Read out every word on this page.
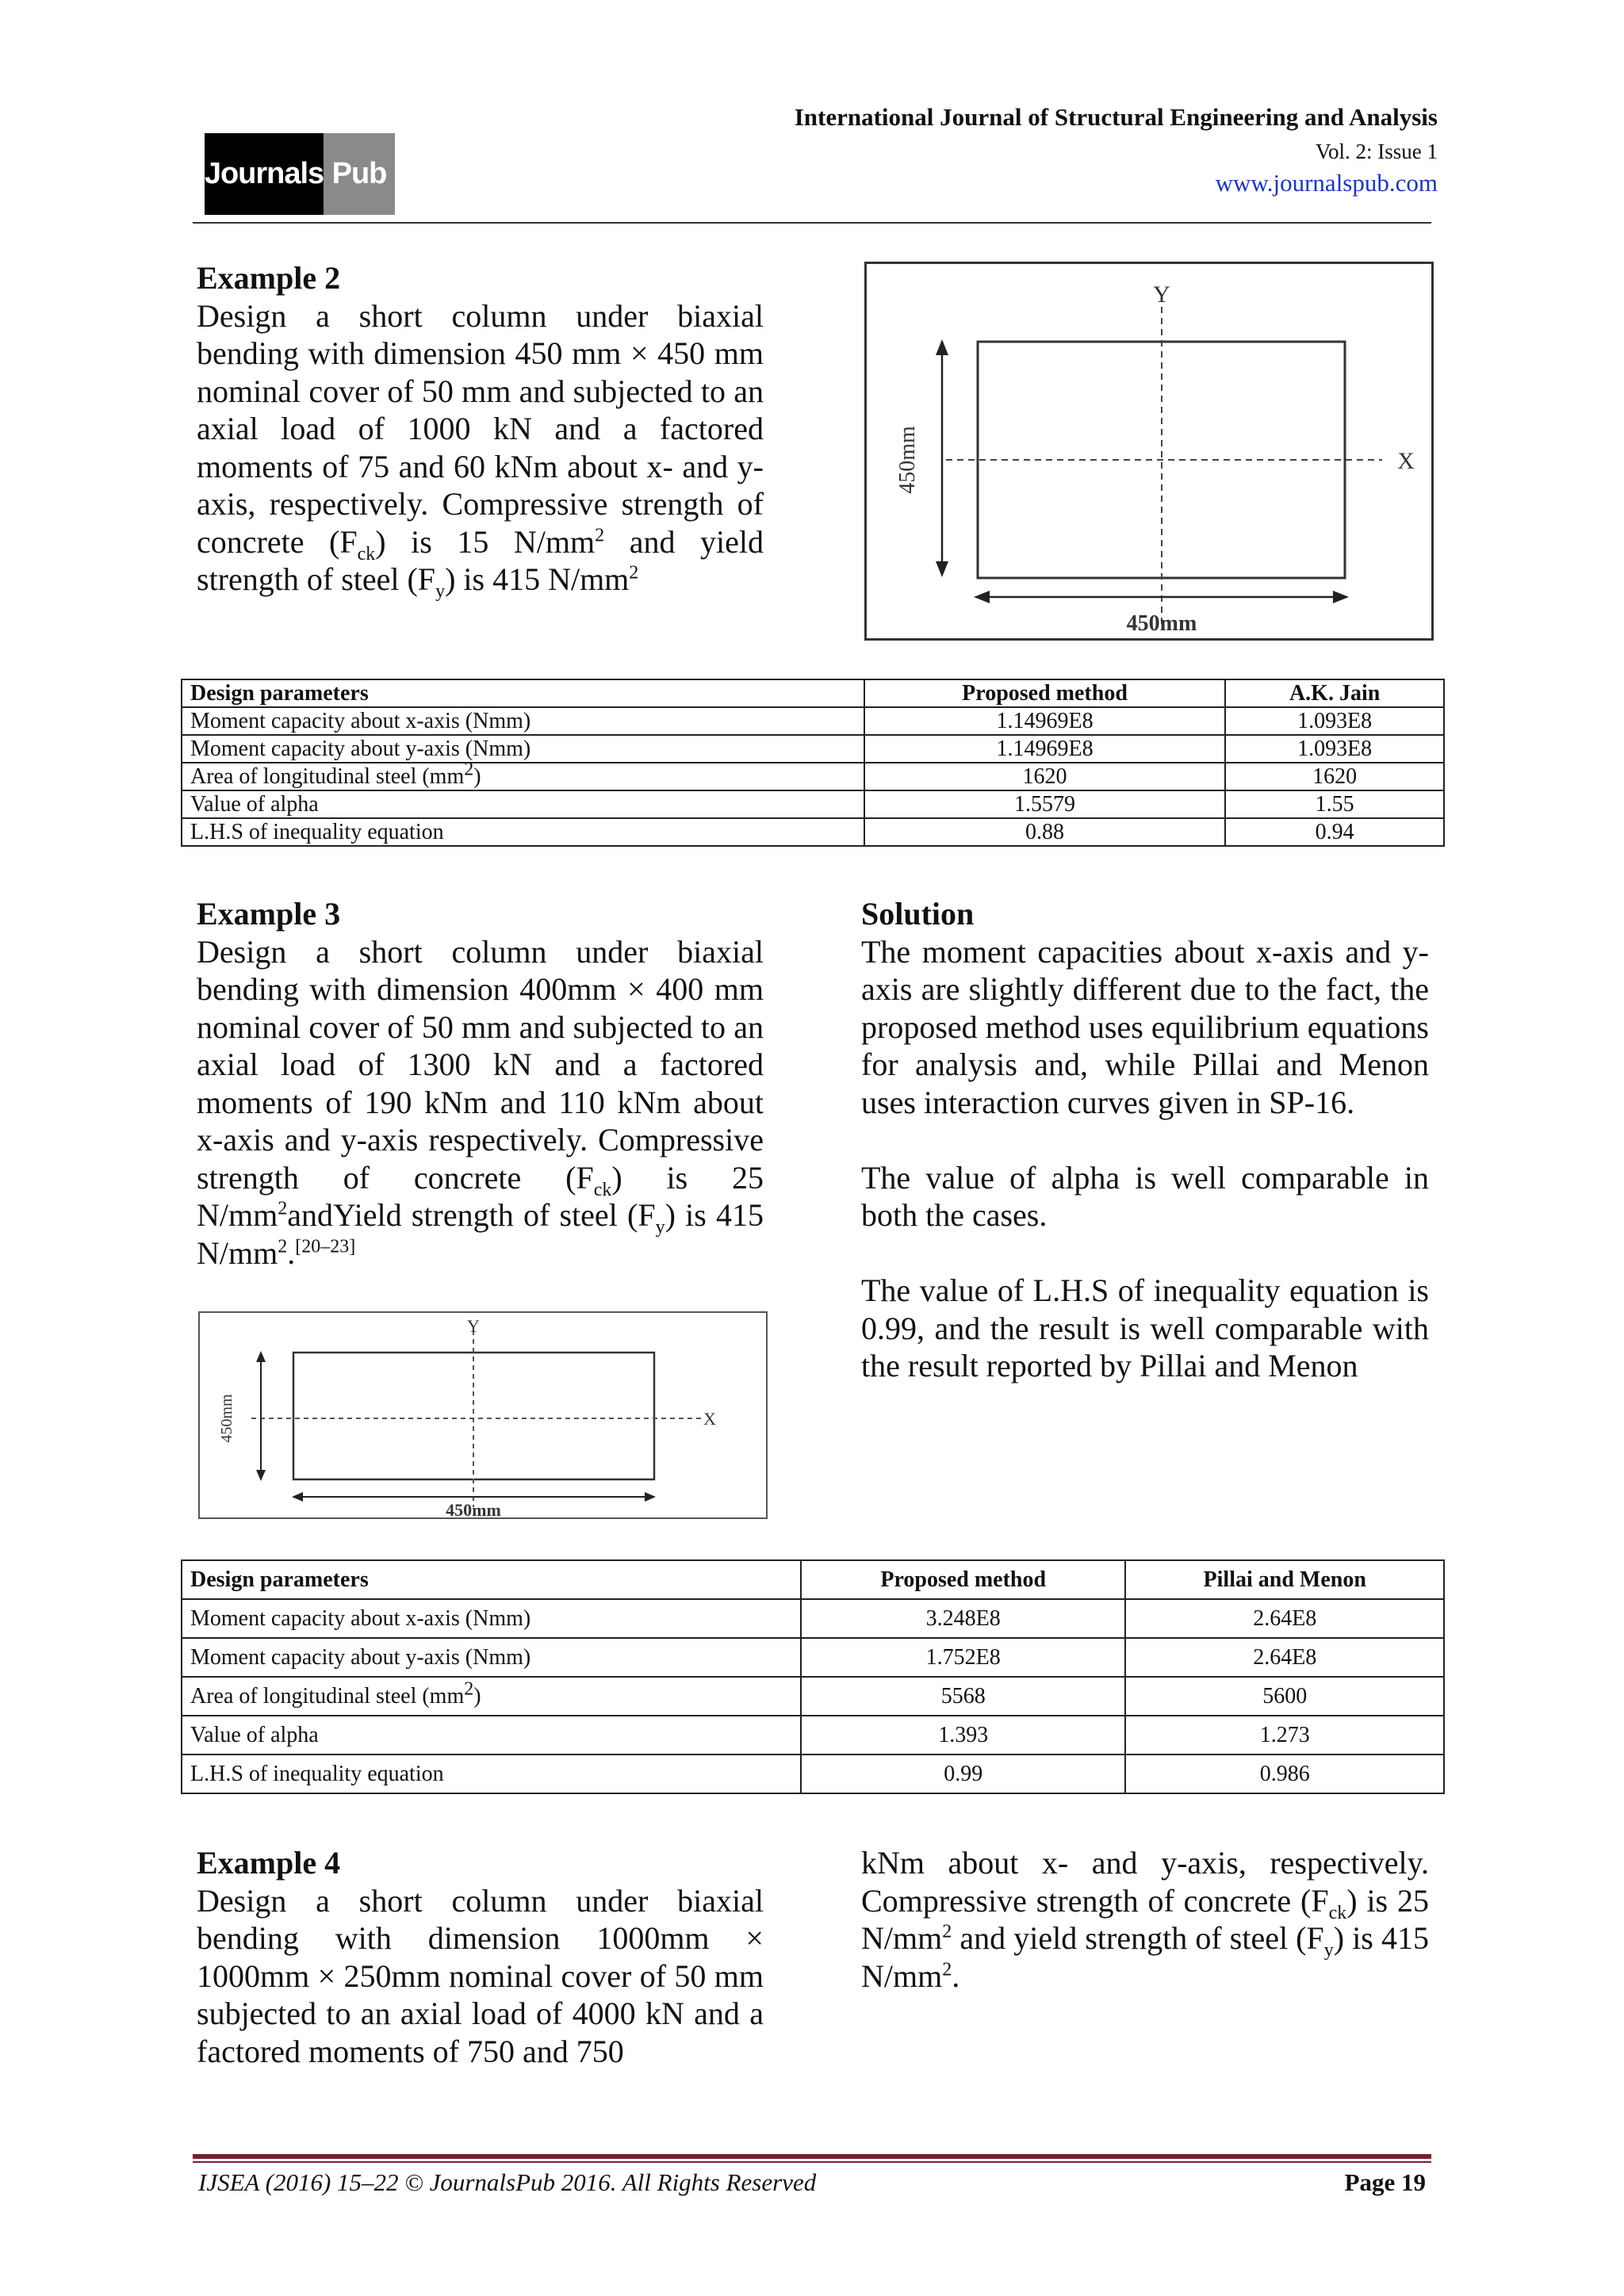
Journals Pub
International Journal of Structural Engineering and Analysis
Vol. 2: Issue 1
www.journalspub.com
Example 2

Design a short column under biaxial bending with dimension 450 mm × 450 mm nominal cover of 50 mm and subjected to an axial load of 1000 kN and a factored moments of 75 and 60 kNm about x- and y-axis, respectively. Compressive strength of concrete $(F_{ck})$ is 15 $N/mm^2$ and yield strength of steel $(F_y)$ is 415 $N/mm^2$

Y
X
450mm
450mm
Design parameters	Proposed method	A.K. Jain
Moment capacity about x-axis (Nmm)	1.14969E8	1.093E8
Moment capacity about y-axis (Nmm)	1.14969E8	1.093E8
Area of longitudinal steel $(mm^2)$	1620	1620
Value of alpha	1.5579	1.55
L.H.S of inequality equation	0.88	0.94
Example 3

Design a short column under biaxial bending with dimension 400mm × 400 mm nominal cover of 50 mm and subjected to an axial load of 1300 kN and a factored moments of 190 kNm and 110 kNm about x-axis and y-axis respectively. Compressive strength of concrete $(F_{ck})$ is 25 $N/mm^2andYield$ strength of steel $(F_y)$ is 415 $N/mm^2.[20-23]$

Solution

The moment capacities about x-axis and y-axis are slightly different due to the fact, the proposed method uses equilibrium equations for analysis and, while Pillai and Menon uses interaction curves given in SP-16.

The value of alpha is well comparable in both the cases.

The value of L.H.S of inequality equation is 0.99, and the result is well comparable with the result reported by Pillai and Menon

Y
X
450mm
450mm
Design parameters	Proposed method	Pillai and Menon
Moment capacity about x-axis (Nmm)	3.248E8	2.64E8
Moment capacity about y-axis (Nmm)	1.752E8	2.64E8
Area of longitudinal steel $(mm^2)$	5568	5600
Value of alpha	1.393	1.273
L.H.S of inequality equation	0.99	0.986
Example 4

Design a short column under biaxial bending with dimension 1000mm × 1000mm × 250mm nominal cover of 50 mm subjected to an axial load of 4000 kN and a factored moments of 750 and 750

kNm about x- and y-axis, respectively. Compressive strength of concrete $(F_{ck})$ is 25 $N/mm^2$ and yield strength of steel $(F_y)$ is 415 $N/mm^2$.

IJSEA (2016) 15–22 © JournalsPub 2016. All Rights Reserved	Page 19
